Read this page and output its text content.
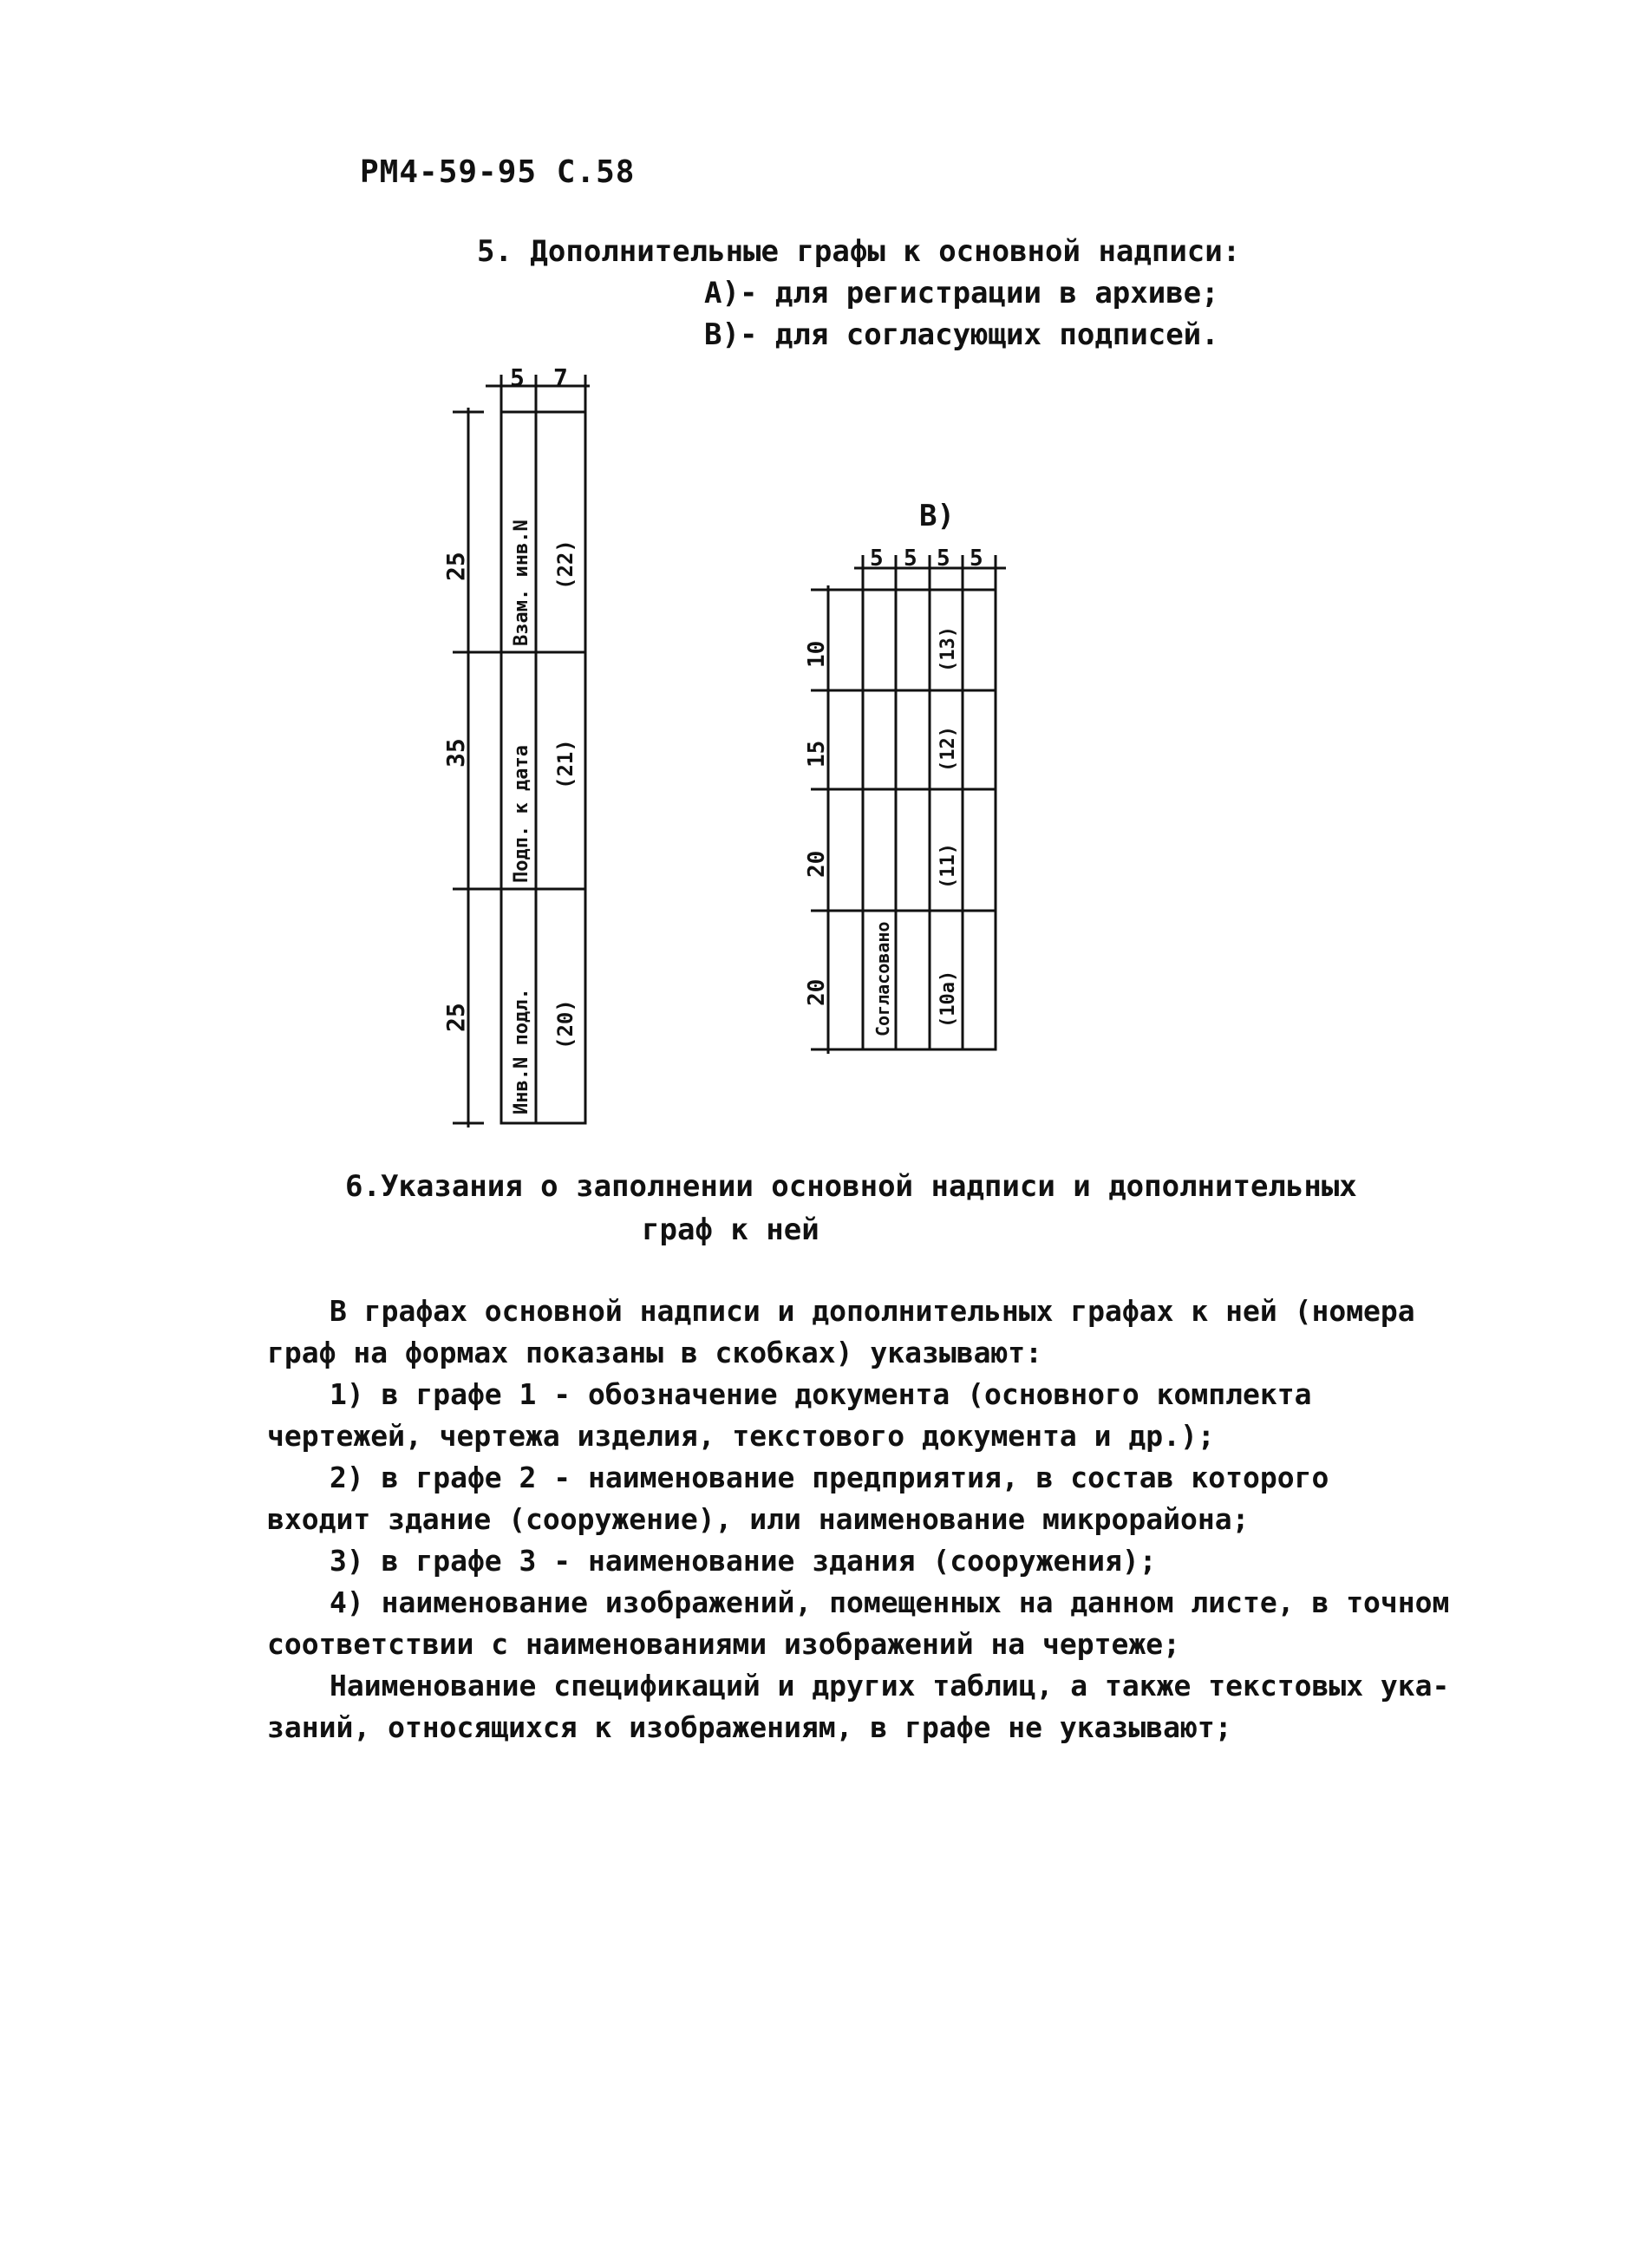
РМ4-59-95 С.58
5. Дополнительные графы к основной надписи:
А)- для регистрации в архиве;
В)- для согласующих подписей.
5 7
25
35
25
Взам. инв.N
Подп. к дата
Инв.N подл.
(22)
(21)
(20)
В)
5 5 5 5
10
15
20
20 Согласовано
(13)
(12)
(11)
(10а)
6.Указания о заполнении основной надписи и дополнительных
граф к ней
В графах основной надписи и дополнительных графах к ней (номера
граф на формах показаны в скобках) указывают:
1) в графе 1 - обозначение документа (основного комплекта
чертежей, чертежа изделия, текстового документа и др.);
2) в графе 2 - наименование предприятия, в состав которого
входит здание (сооружение), или наименование микрорайона;
3) в графе 3 - наименование здания (сооружения);
4) наименование изображений, помещенных на данном листе, в точном
соответствии с наименованиями изображений на чертеже;
Наименование спецификаций и других таблиц, а также текстовых ука-
заний, относящихся к изображениям, в графе не указывают;
